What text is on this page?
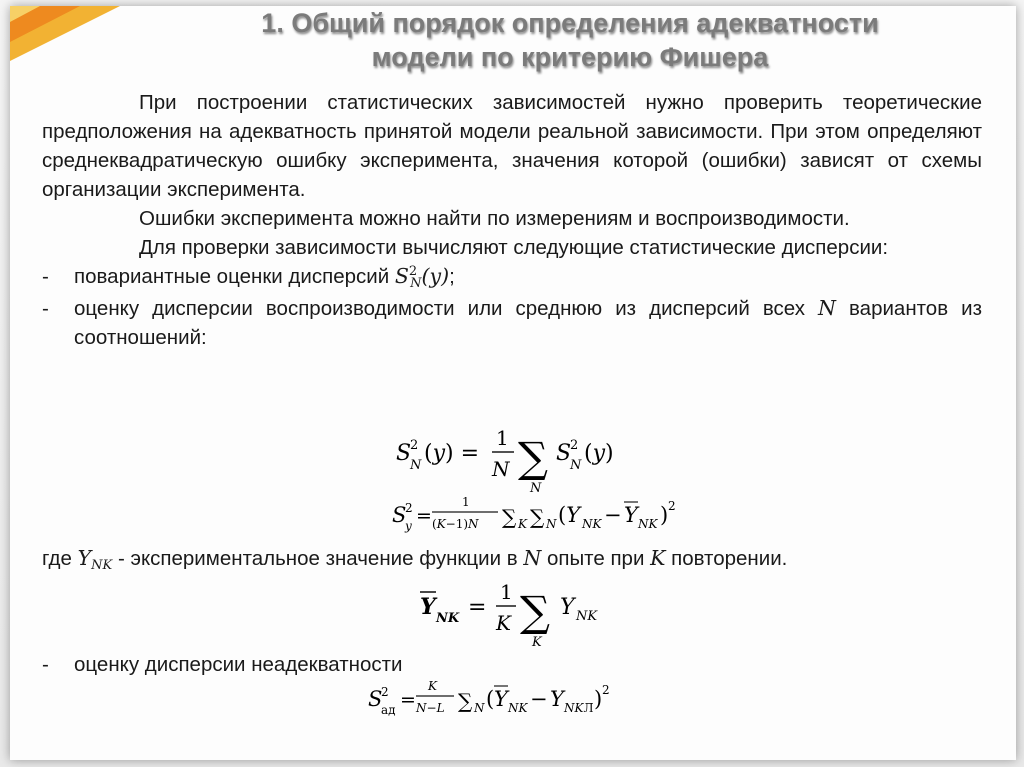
1. Общий порядок определения адекватности
модели по критерию Фишера

При построении статистических зависимостей нужно проверить теоретические предположения на адекватность принятой модели реальной зависимости. При этом определяют среднеквадратическую ошибку эксперимента, значения которой (ошибки) зависят от схемы организации эксперимента.

Ошибки эксперимента можно найти по измерениям и воспроизводимости.

Для проверки зависимости вычисляют следующие статистические дисперсии:

-	повариантные оценки дисперсий $S^2N(y)$;
-	оценку дисперсии воспроизводимости или среднюю из дисперсий всех N вариантов из соотношений:
S
2
N (y) =
1
N ∑
N
S
2
N (y)
S
2
y =
1
(K−1)N ∑ K ∑ N (Y NK − Y NK ) 2
где YNK - экспериментальное значение функции в N опыте при K повторении.
Y NK =
1
K ∑
K
Y NK
-	оценку дисперсии неадекватности
S
2
ад =
K
N−L ∑ N ( Y NK − Y NKЛ ) 2
